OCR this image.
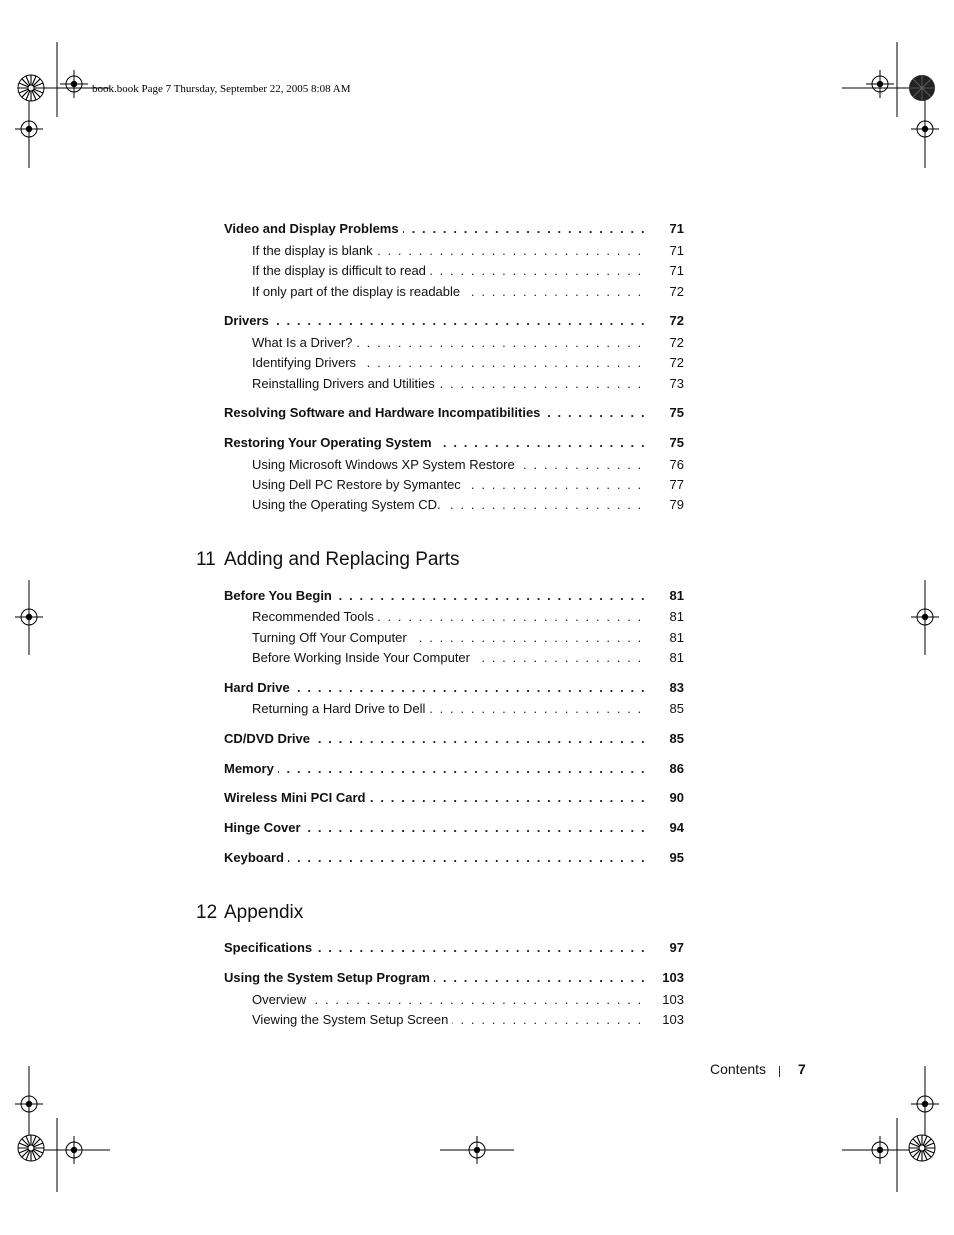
book.book Page 7 Thursday, September 22, 2005 8:08 AM
Video and Display Problems . . .	71
If the display is blank . . .	71
If the display is difficult to read . . .	71
If only part of the display is readable . . .	72
Drivers . . .	72
What Is a Driver? . . .	72
Identifying Drivers . . .	72
Reinstalling Drivers and Utilities . . .	73
Resolving Software and Hardware Incompatibilities . . .	75
Restoring Your Operating System . . .	75
Using Microsoft Windows XP System Restore . . .	76
Using Dell PC Restore by Symantec . . .	77
Using the Operating System CD. . . .	79
11 Adding and Replacing Parts
Before You Begin . . .	81
Recommended Tools . . .	81
Turning Off Your Computer . . .	81
Before Working Inside Your Computer . . .	81
Hard Drive . . .	83
Returning a Hard Drive to Dell . . .	85
CD/DVD Drive . . .	85
Memory . . .	86
Wireless Mini PCI Card . . .	90
Hinge Cover . . .	94
Keyboard . . .	95
12 Appendix
Specifications . . .	97
Using the System Setup Program . . .	103
Overview . . .	103
Viewing the System Setup Screen . . .	103
Contents 7
